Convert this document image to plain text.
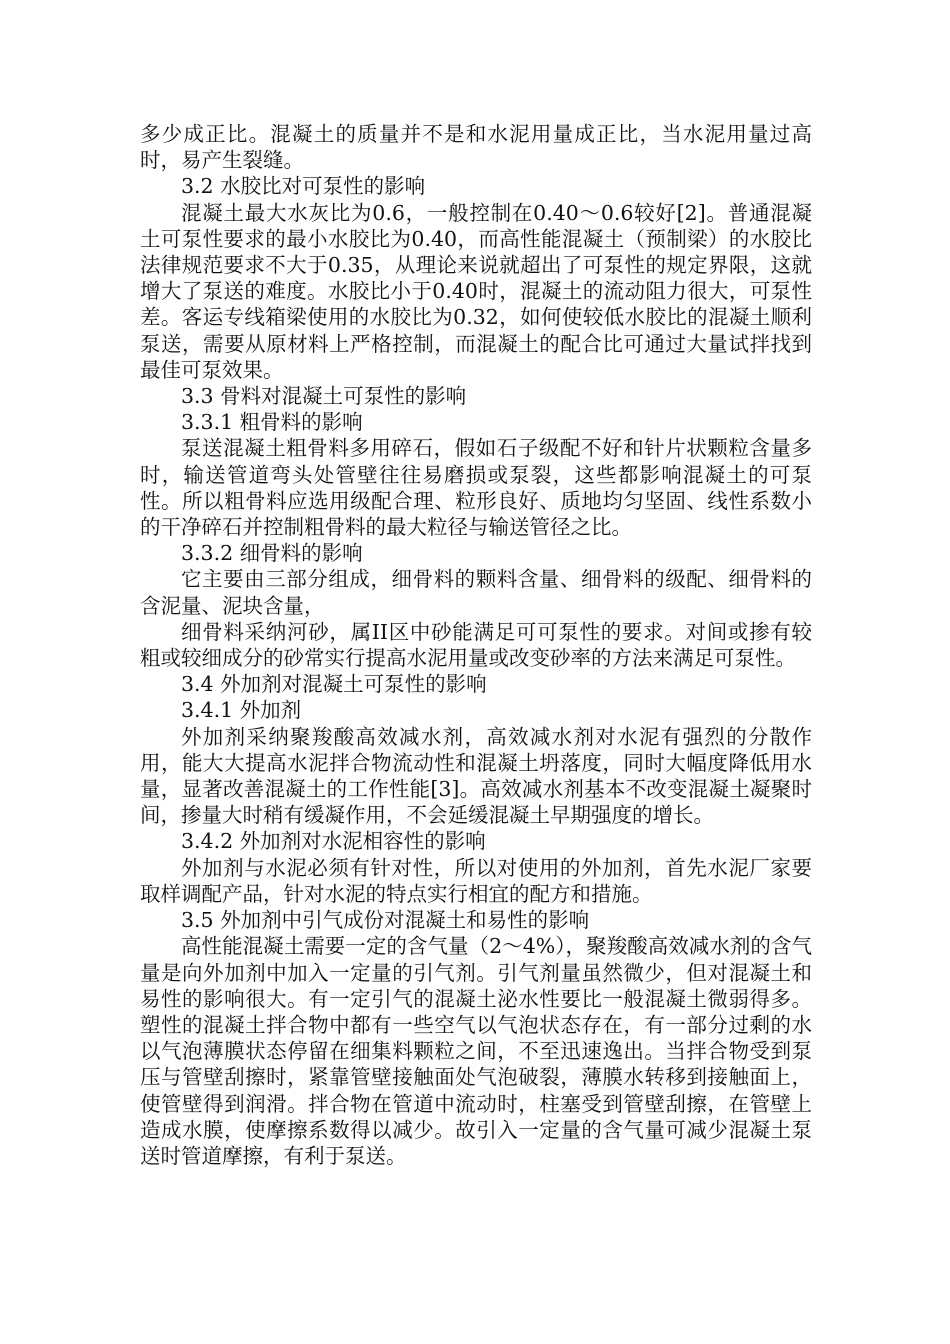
多少成正比。混凝土的质量并不是和水泥用量成正比，当水泥用量过高时，易产生裂缝。

3.2 水胶比对可泵性的影响

混凝土最大水灰比为0.6，一般控制在0.40～0.6较好[2]。普通混凝土可泵性要求的最小水胶比为0.40，而高性能混凝土（预制梁）的水胶比法律规范要求不大于0.35，从理论来说就超出了可泵性的规定界限，这就增大了泵送的难度。水胶比小于0.40时，混凝土的流动阻力很大，可泵性差。客运专线箱梁使用的水胶比为0.32，如何使较低水胶比的混凝土顺利泵送，需要从原材料上严格控制，而混凝土的配合比可通过大量试拌找到最佳可泵效果。

3.3 骨料对混凝土可泵性的影响

3.3.1 粗骨料的影响

泵送混凝土粗骨料多用碎石，假如石子级配不好和针片状颗粒含量多时，输送管道弯头处管壁往往易磨损或泵裂，这些都影响混凝土的可泵性。所以粗骨料应选用级配合理、粒形良好、质地均匀坚固、线性系数小的干净碎石并控制粗骨料的最大粒径与输送管径之比。

3.3.2 细骨料的影响

它主要由三部分组成，细骨料的颗料含量、细骨料的级配、细骨料的含泥量、泥块含量，

细骨料采纳河砂，属II区中砂能满足可可泵性的要求。对间或掺有较粗或较细成分的砂常实行提高水泥用量或改变砂率的方法来满足可泵性。

3.4 外加剂对混凝土可泵性的影响

3.4.1 外加剂

外加剂采纳聚羧酸高效减水剂，高效减水剂对水泥有强烈的分散作用，能大大提高水泥拌合物流动性和混凝土坍落度，同时大幅度降低用水量，显著改善混凝土的工作性能[3]。高效减水剂基本不改变混凝土凝聚时间，掺量大时稍有缓凝作用，不会延缓混凝土早期强度的增长。

3.4.2 外加剂对水泥相容性的影响

外加剂与水泥必须有针对性，所以对使用的外加剂，首先水泥厂家要取样调配产品，针对水泥的特点实行相宜的配方和措施。

3.5 外加剂中引气成份对混凝土和易性的影响

高性能混凝土需要一定的含气量（2～4%），聚羧酸高效减水剂的含气量是向外加剂中加入一定量的引气剂。引气剂量虽然微少，但对混凝土和易性的影响很大。有一定引气的混凝土泌水性要比一般混凝土微弱得多。塑性的混凝土拌合物中都有一些空气以气泡状态存在，有一部分过剩的水以气泡薄膜状态停留在细集料颗粒之间，不至迅速逸出。当拌合物受到泵压与管壁刮擦时，紧靠管壁接触面处气泡破裂，薄膜水转移到接触面上，使管壁得到润滑。拌合物在管道中流动时，柱塞受到管壁刮擦，在管壁上造成水膜，使摩擦系数得以减少。故引入一定量的含气量可减少混凝土泵送时管道摩擦，有利于泵送。
